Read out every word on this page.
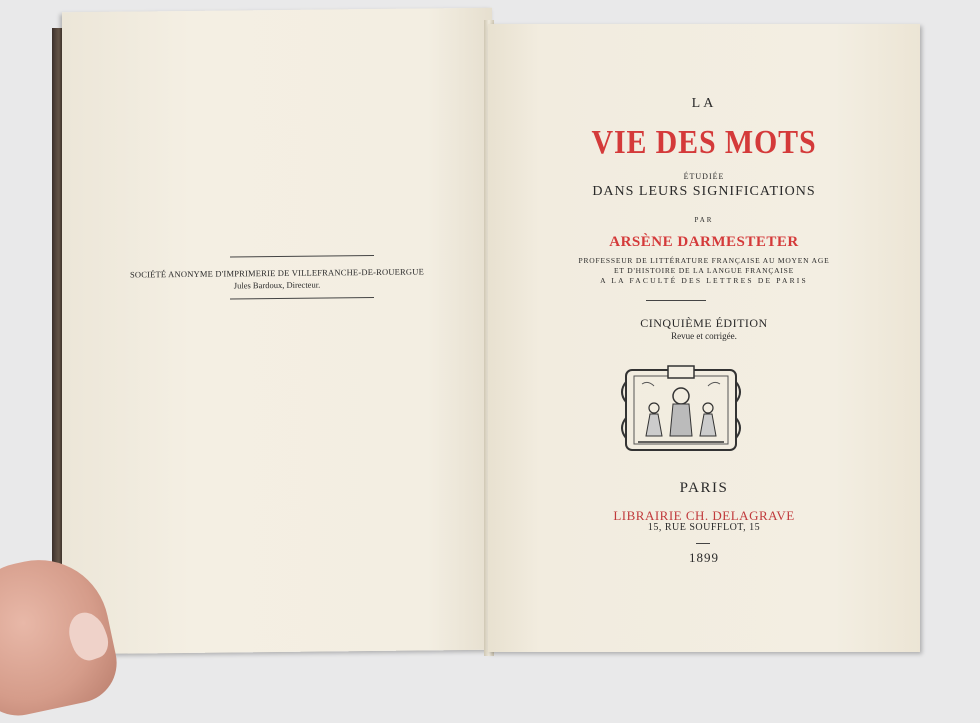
SOCIÉTÉ ANONYME D'IMPRIMERIE DE VILLEFRANCHE-DE-ROUERGUE
Jules Bardoux, Directeur.
LA
VIE DES MOTS
ÉTUDIÉE
DANS LEURS SIGNIFICATIONS
PAR
ARSÈNE DARMESTETER
PROFESSEUR DE LITTÉRATURE FRANÇAISE AU MOYEN AGE
ET D'HISTOIRE DE LA LANGUE FRANÇAISE
A LA FACULTÉ DES LETTRES DE PARIS
CINQUIÈME ÉDITION
Revue et corrigée.
PARIS
LIBRAIRIE CH. DELAGRAVE
15, RUE SOUFFLOT, 15
1899
